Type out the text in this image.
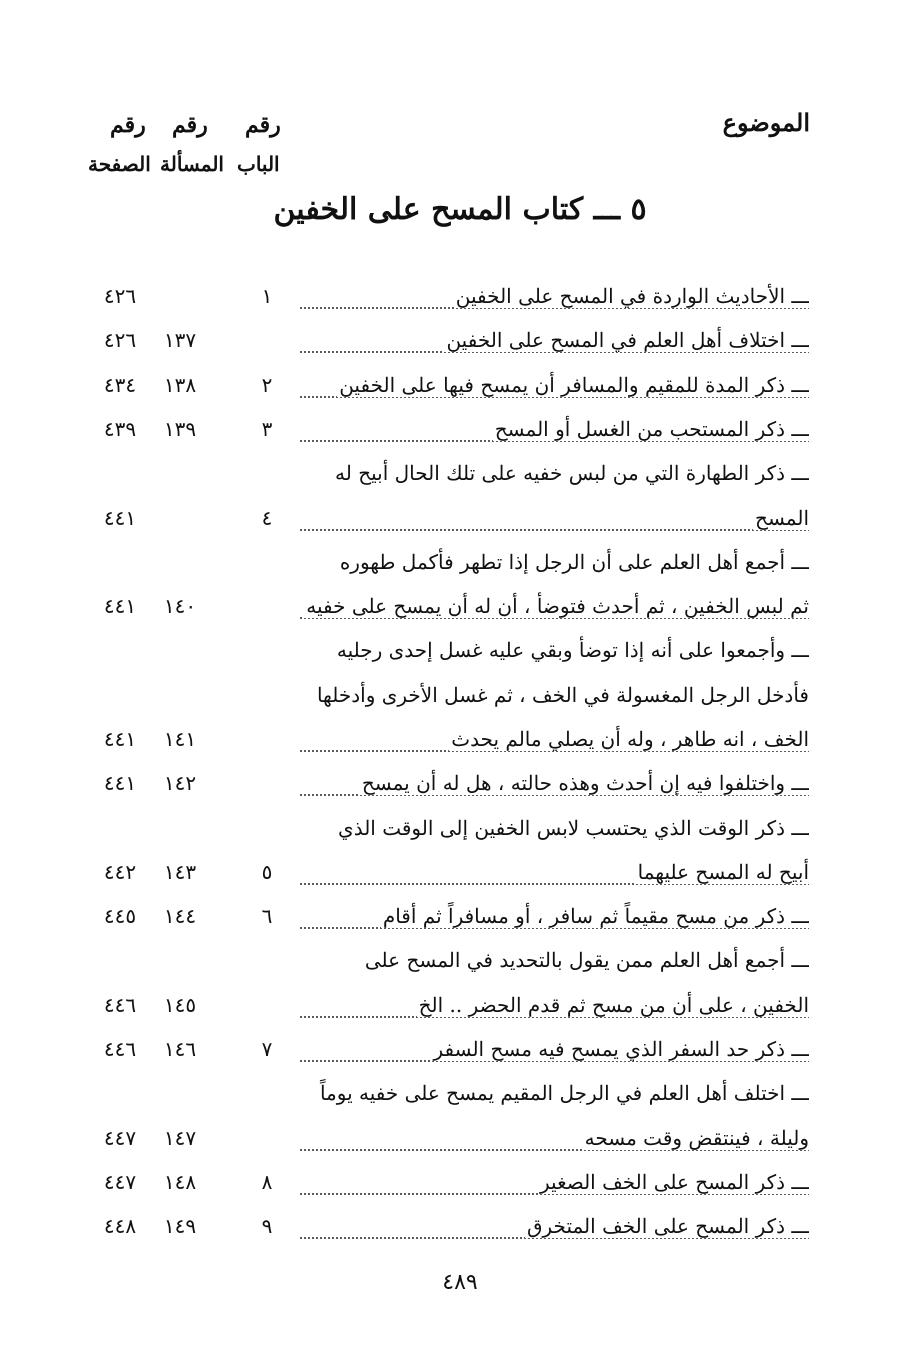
الموضوع
رقم
رقم
رقم
الباب
المسألة
الصفحة
٥ ـــ كتاب المسح على الخفين
ـــ الأحاديث الواردة في المسح على الخفين
١
٤٢٦
ـــ اختلاف أهل العلم في المسح على الخفين
١٣٧
٤٢٦
ـــ ذكر المدة للمقيم والمسافر أن يمسح فيها على الخفين
٢
١٣٨
٤٣٤
ـــ ذكر المستحب من الغسل أو المسح
٣
١٣٩
٤٣٩
ـــ ذكر الطهارة التي من لبس خفيه على تلك الحال أبيح له
المسح
٤
٤٤١
ـــ أجمع أهل العلم على أن الرجل إذا تطهر فأكمل طهوره
ثم لبس الخفين ، ثم أحدث فتوضأ ، أن له أن يمسح على خفيه
١٤٠
٤٤١
ـــ وأجمعوا على أنه إذا توضأ وبقي عليه غسل إحدى رجليه
فأدخل الرجل المغسولة في الخف ، ثم غسل الأخرى وأدخلها
الخف ، انه طاهر ، وله أن يصلي مالم يحدث
١٤١
٤٤١
ـــ واختلفوا فيه إن أحدث وهذه حالته ، هل له أن يمسح
١٤٢
٤٤١
ـــ ذكر الوقت الذي يحتسب لابس الخفين إلى الوقت الذي
أبيح له المسح عليهما
٥
١٤٣
٤٤٢
ـــ ذكر من مسح مقيماً ثم سافر ، أو مسافراً ثم أقام
٦
١٤٤
٤٤٥
ـــ أجمع أهل العلم ممن يقول بالتحديد في المسح على
الخفين ، على أن من مسح ثم قدم الحضر .. الخ
١٤٥
٤٤٦
ـــ ذكر حد السفر الذي يمسح فيه مسح السفر
٧
١٤٦
٤٤٦
ـــ اختلف أهل العلم في الرجل المقيم يمسح على خفيه يوماً
وليلة ، فينتقض وقت مسحه
١٤٧
٤٤٧
ـــ ذكر المسح على الخف الصغير
٨
١٤٨
٤٤٧
ـــ ذكر المسح على الخف المتخرق
٩
١٤٩
٤٤٨
٤٨٩
